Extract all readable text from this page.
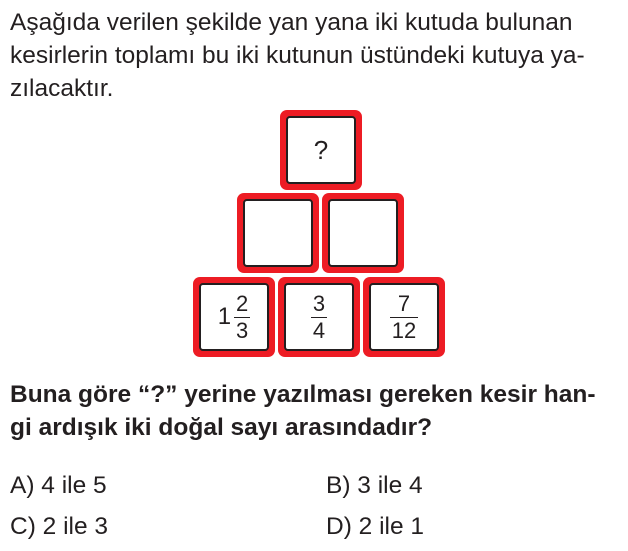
Aşağıda verilen şekilde yan yana iki kutuda bulunan
kesirlerin toplamı bu iki kutunun üstündeki kutuya ya-
zılacaktır.

?
$1 \frac{2}{3}$	$\frac{3}{4}$	$\frac{7}{12}$

Buna göre “?” yerine yazılması gereken kesir han-
gi ardışık iki doğal sayı arasındadır?

A) 4 ile 5	B) 3 ile 4
C) 2 ile 3	D) 2 ile 1
